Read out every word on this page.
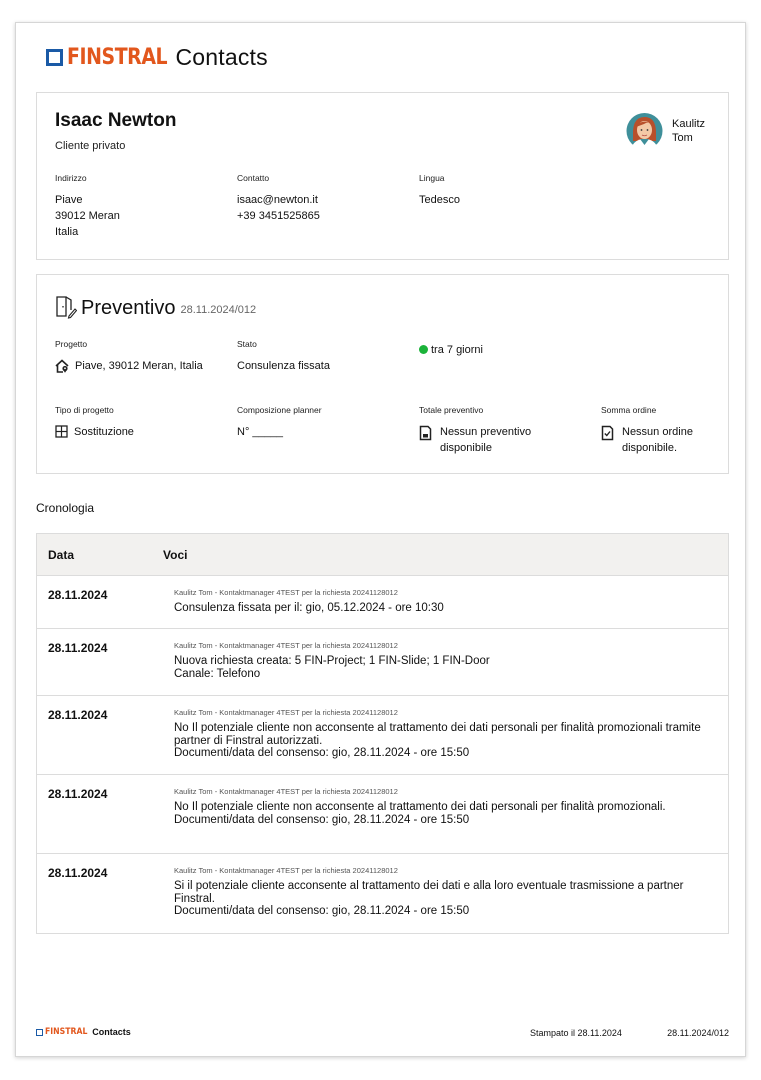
FINSTRAL Contacts
Isaac Newton
Cliente privato
Kaulitz Tom
Indirizzo
Piave
39012 Meran
Italia
Contatto
isaac@newton.it
+39 3451525865
Lingua
Tedesco
Preventivo 28.11.2024/012
Progetto
Piave, 39012 Meran, Italia
Stato
Consulenza fissata
tra 7 giorni
Tipo di progetto
Sostituzione
Composizione planner
N° _____
Totale preventivo
Nessun preventivo disponibile
Somma ordine
Nessun ordine disponibile.
Cronologia
Data	Voci
28.11.2024	Kaulitz Tom - Kontaktmanager 4TEST per la richiesta 20241128012
Consulenza fissata per il: gio, 05.12.2024 - ore 10:30
28.11.2024	Kaulitz Tom - Kontaktmanager 4TEST per la richiesta 20241128012
Nuova richiesta creata: 5 FIN-Project; 1 FIN-Slide; 1 FIN-Door
Canale: Telefono
28.11.2024	Kaulitz Tom - Kontaktmanager 4TEST per la richiesta 20241128012
No Il potenziale cliente non acconsente al trattamento dei dati personali per finalità promozionali tramite partner di Finstral autorizzati.
Documenti/data del consenso: gio, 28.11.2024 - ore 15:50
28.11.2024	Kaulitz Tom - Kontaktmanager 4TEST per la richiesta 20241128012
No Il potenziale cliente non acconsente al trattamento dei dati personali per finalità promozionali.
Documenti/data del consenso: gio, 28.11.2024 - ore 15:50
28.11.2024	Kaulitz Tom - Kontaktmanager 4TEST per la richiesta 20241128012
Si il potenziale cliente acconsente al trattamento dei dati e alla loro eventuale trasmissione a partner Finstral.
Documenti/data del consenso: gio, 28.11.2024 - ore 15:50
FINSTRAL Contacts	Stampato il 28.11.2024	28.11.2024/012
